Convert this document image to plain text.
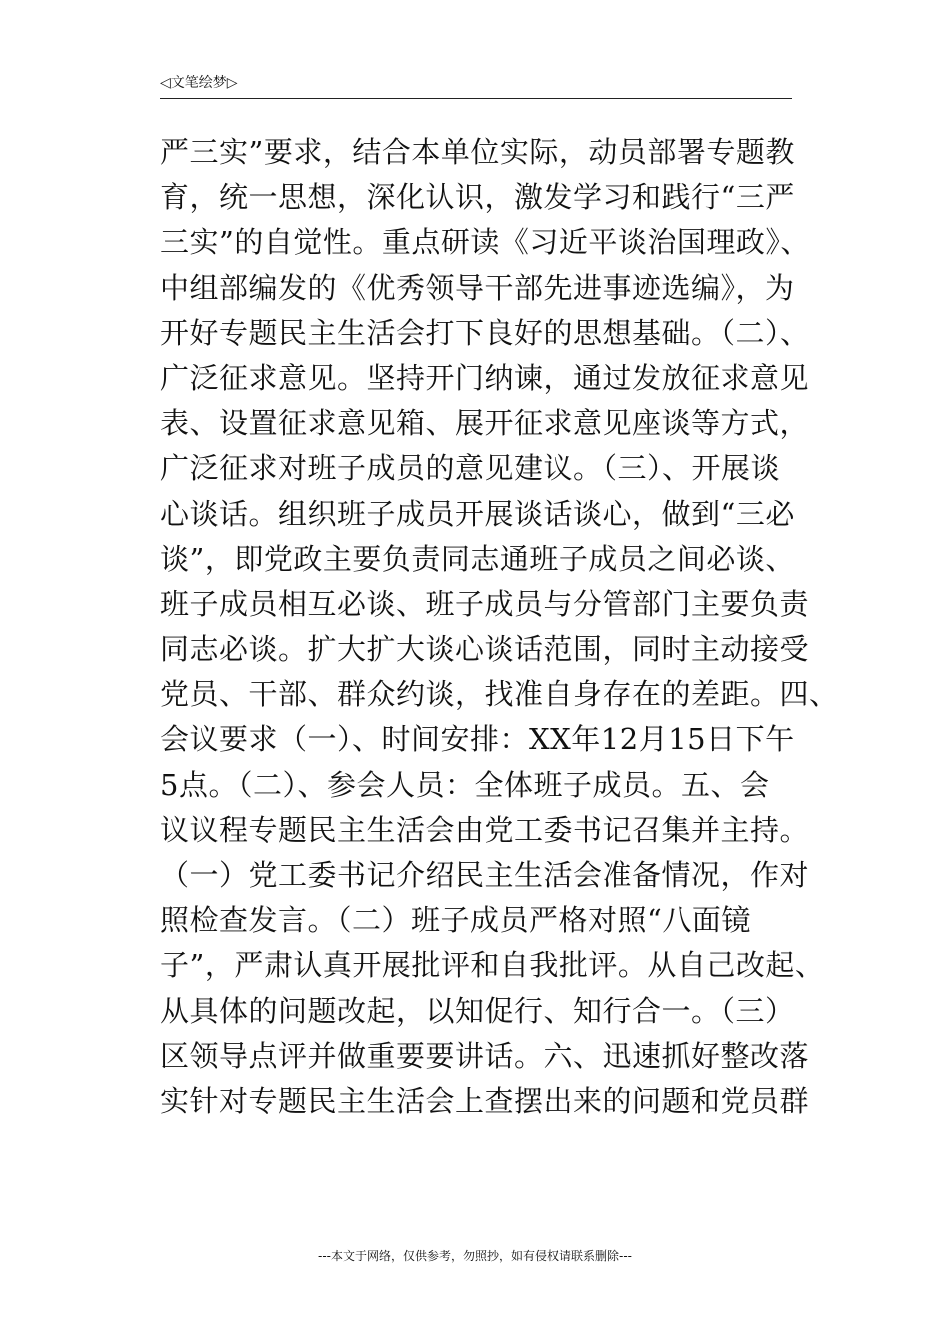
◁文笔绘梦▷
严三实”要求，结合本单位实际，动员部署专题教
育，统一思想，深化认识，激发学习和践行“三严
三实”的自觉性。重点研读《习近平谈治国理政》、
中组部编发的《优秀领导干部先进事迹选编》，为
开好专题民主生活会打下良好的思想基础。（二）、
广泛征求意见。坚持开门纳谏，通过发放征求意见
表、设置征求意见箱、展开征求意见座谈等方式，
广泛征求对班子成员的意见建议。（三）、开展谈
心谈话。组织班子成员开展谈话谈心，做到“三必
谈”，即党政主要负责同志通班子成员之间必谈、
班子成员相互必谈、班子成员与分管部门主要负责
同志必谈。扩大扩大谈心谈话范围，同时主动接受
党员、干部、群众约谈，找准自身存在的差距。四、
会议要求（一）、时间安排：XX年12月15日下午
5点。（二）、参会人员：全体班子成员。五、会
议议程专题民主生活会由党工委书记召集并主持。
（一）党工委书记介绍民主生活会准备情况，作对
照检查发言。（二）班子成员严格对照“八面镜
子”，严肃认真开展批评和自我批评。从自己改起、
从具体的问题改起，以知促行、知行合一。（三）
区领导点评并做重要要讲话。六、迅速抓好整改落
实针对专题民主生活会上查摆出来的问题和党员群
---本文于网络，仅供参考，勿照抄，如有侵权请联系删除---
